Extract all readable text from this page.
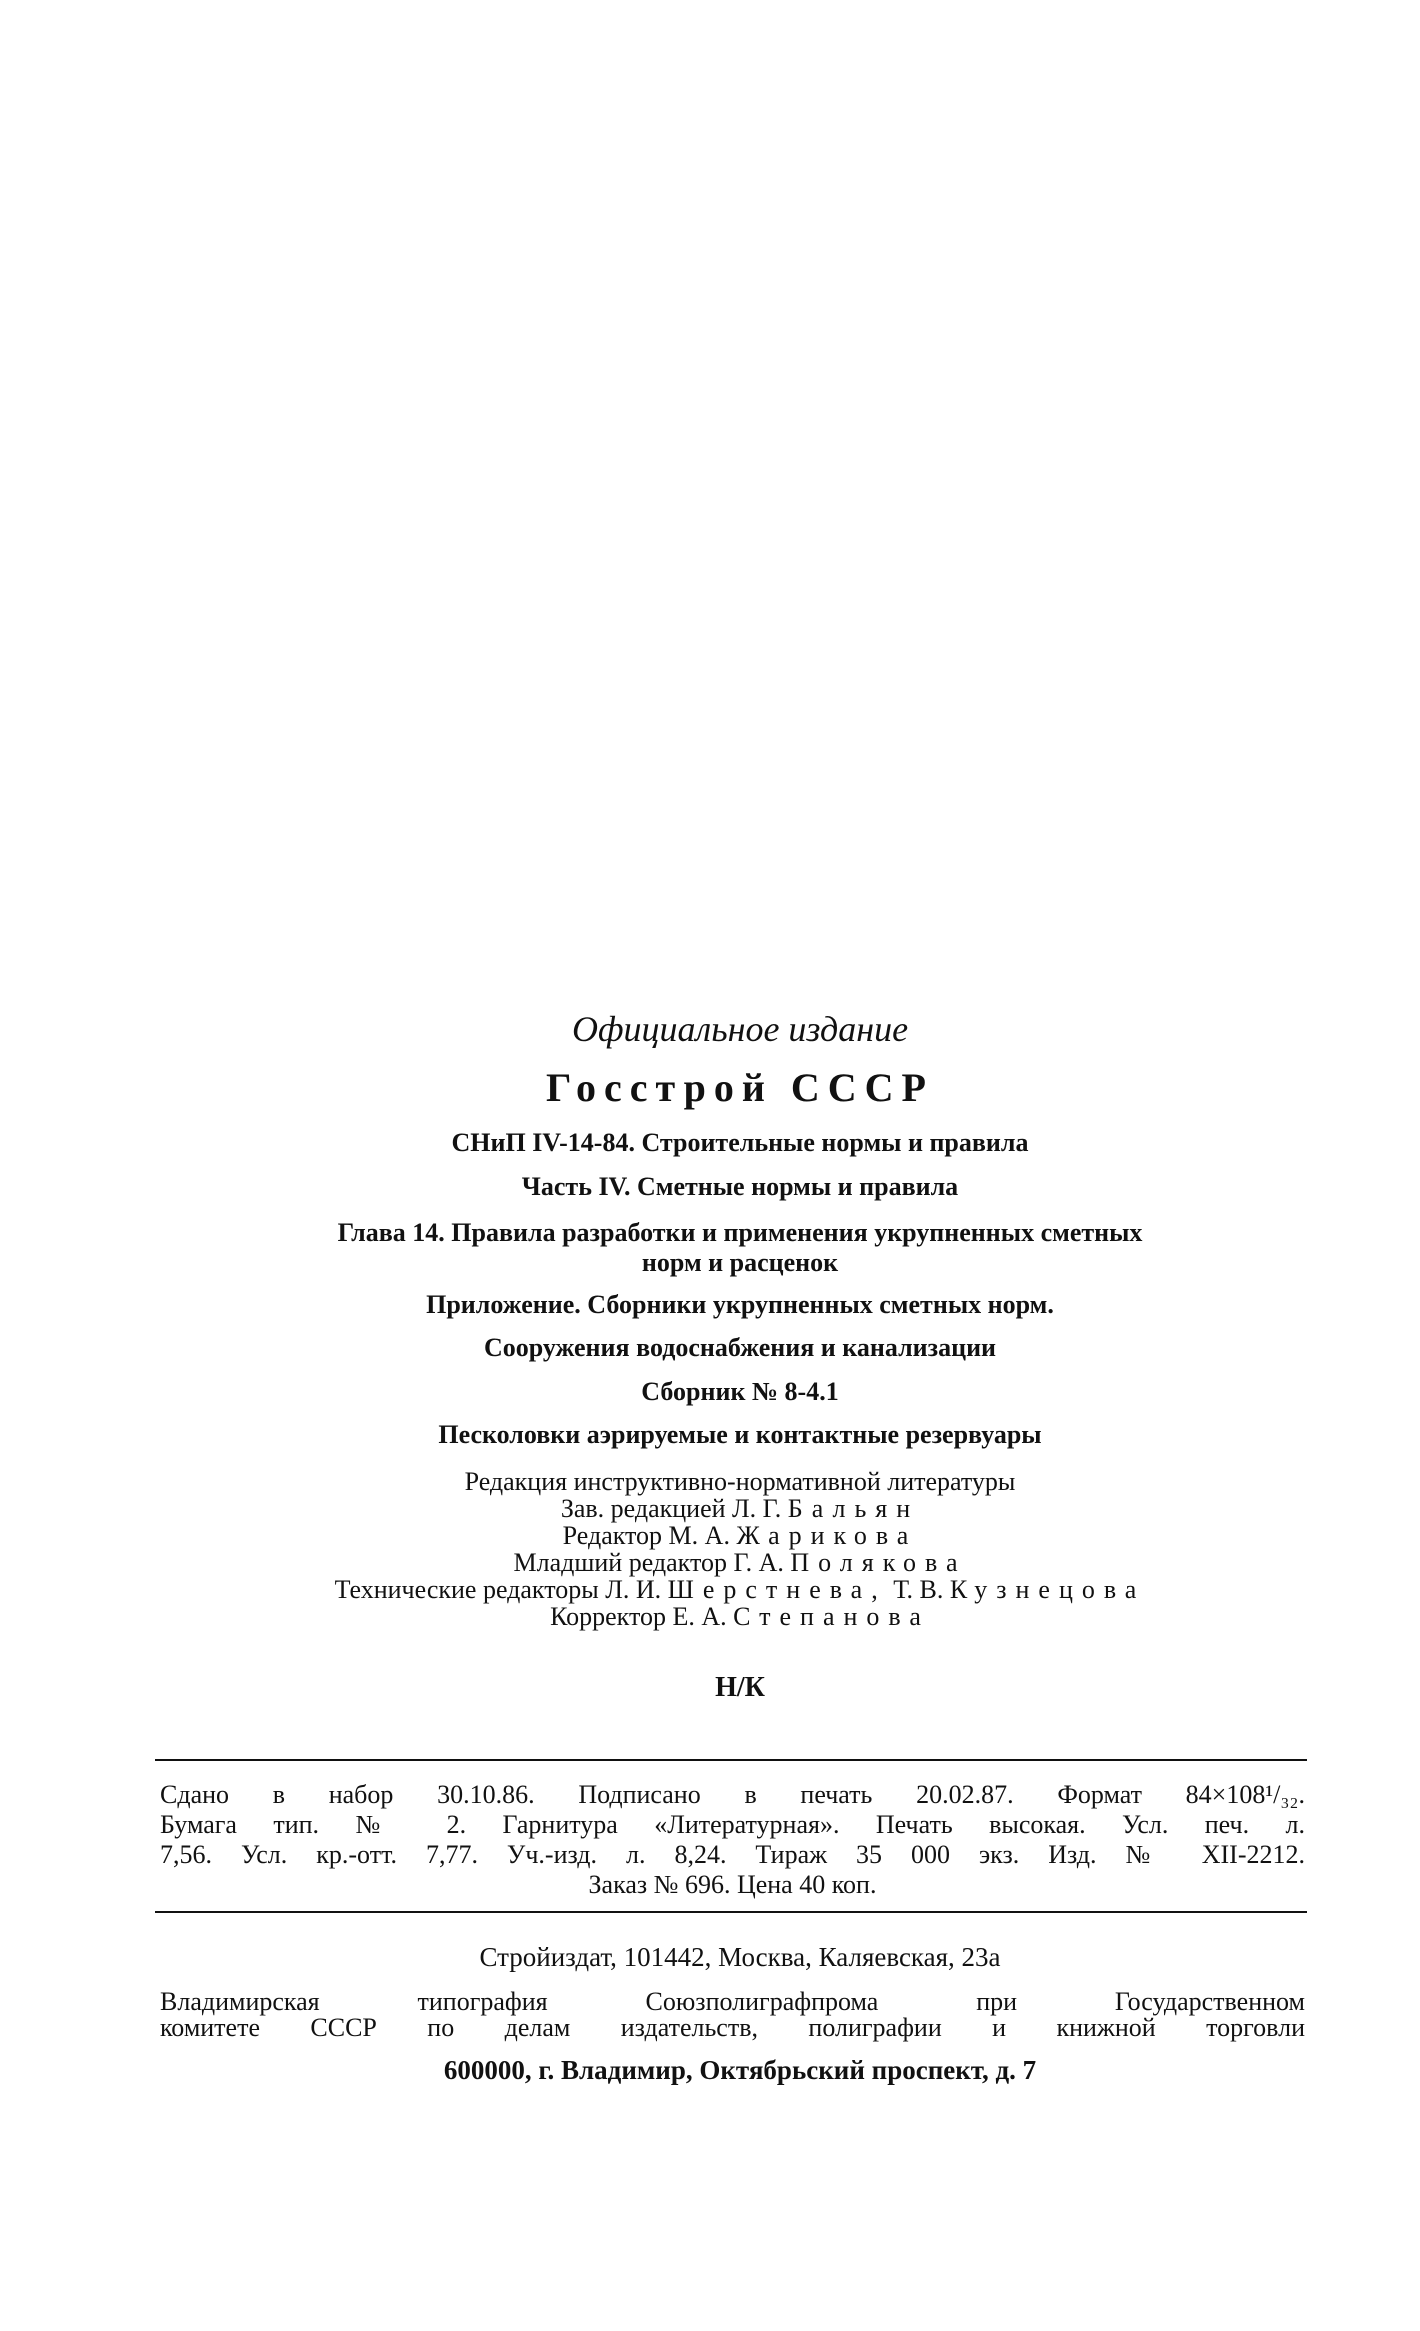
Официальное издание
Госстрой СССР
СНиП IV-14-84. Строительные нормы и правила
Часть IV. Сметные нормы и правила
Глава 14. Правила разработки и применения укрупненных сметных
норм и расценок
Приложение. Сборники укрупненных сметных норм.
Сооружения водоснабжения и канализации
Сборник № 8-4.1
Песколовки аэрируемые и контактные резервуары
Редакция инструктивно-нормативной литературы
Зав. редакцией Л. Г. Бальян
Редактор М. А. Жарикова
Младший редактор Г. А. Полякова
Технические редакторы Л. И. Шерстнева, Т. В. Кузнецова
Корректор Е. А. Степанова
Н/К
Сдано в набор 30.10.86. Подписано в печать 20.02.87. Формат 84×108¹/₃₂.
Бумага тип. № 2. Гарнитура «Литературная». Печать высокая. Усл. печ. л.
7,56. Усл. кр.-отт. 7,77. Уч.-изд. л. 8,24. Тираж 35 000 экз. Изд. № XII-2212.
Заказ № 696. Цена 40 коп.
Стройиздат, 101442, Москва, Каляевская, 23а
Владимирская типография Союзполиграфпрома при Государственном
комитете СССР по делам издательств, полиграфии и книжной торговли
600000, г. Владимир, Октябрьский проспект, д. 7
